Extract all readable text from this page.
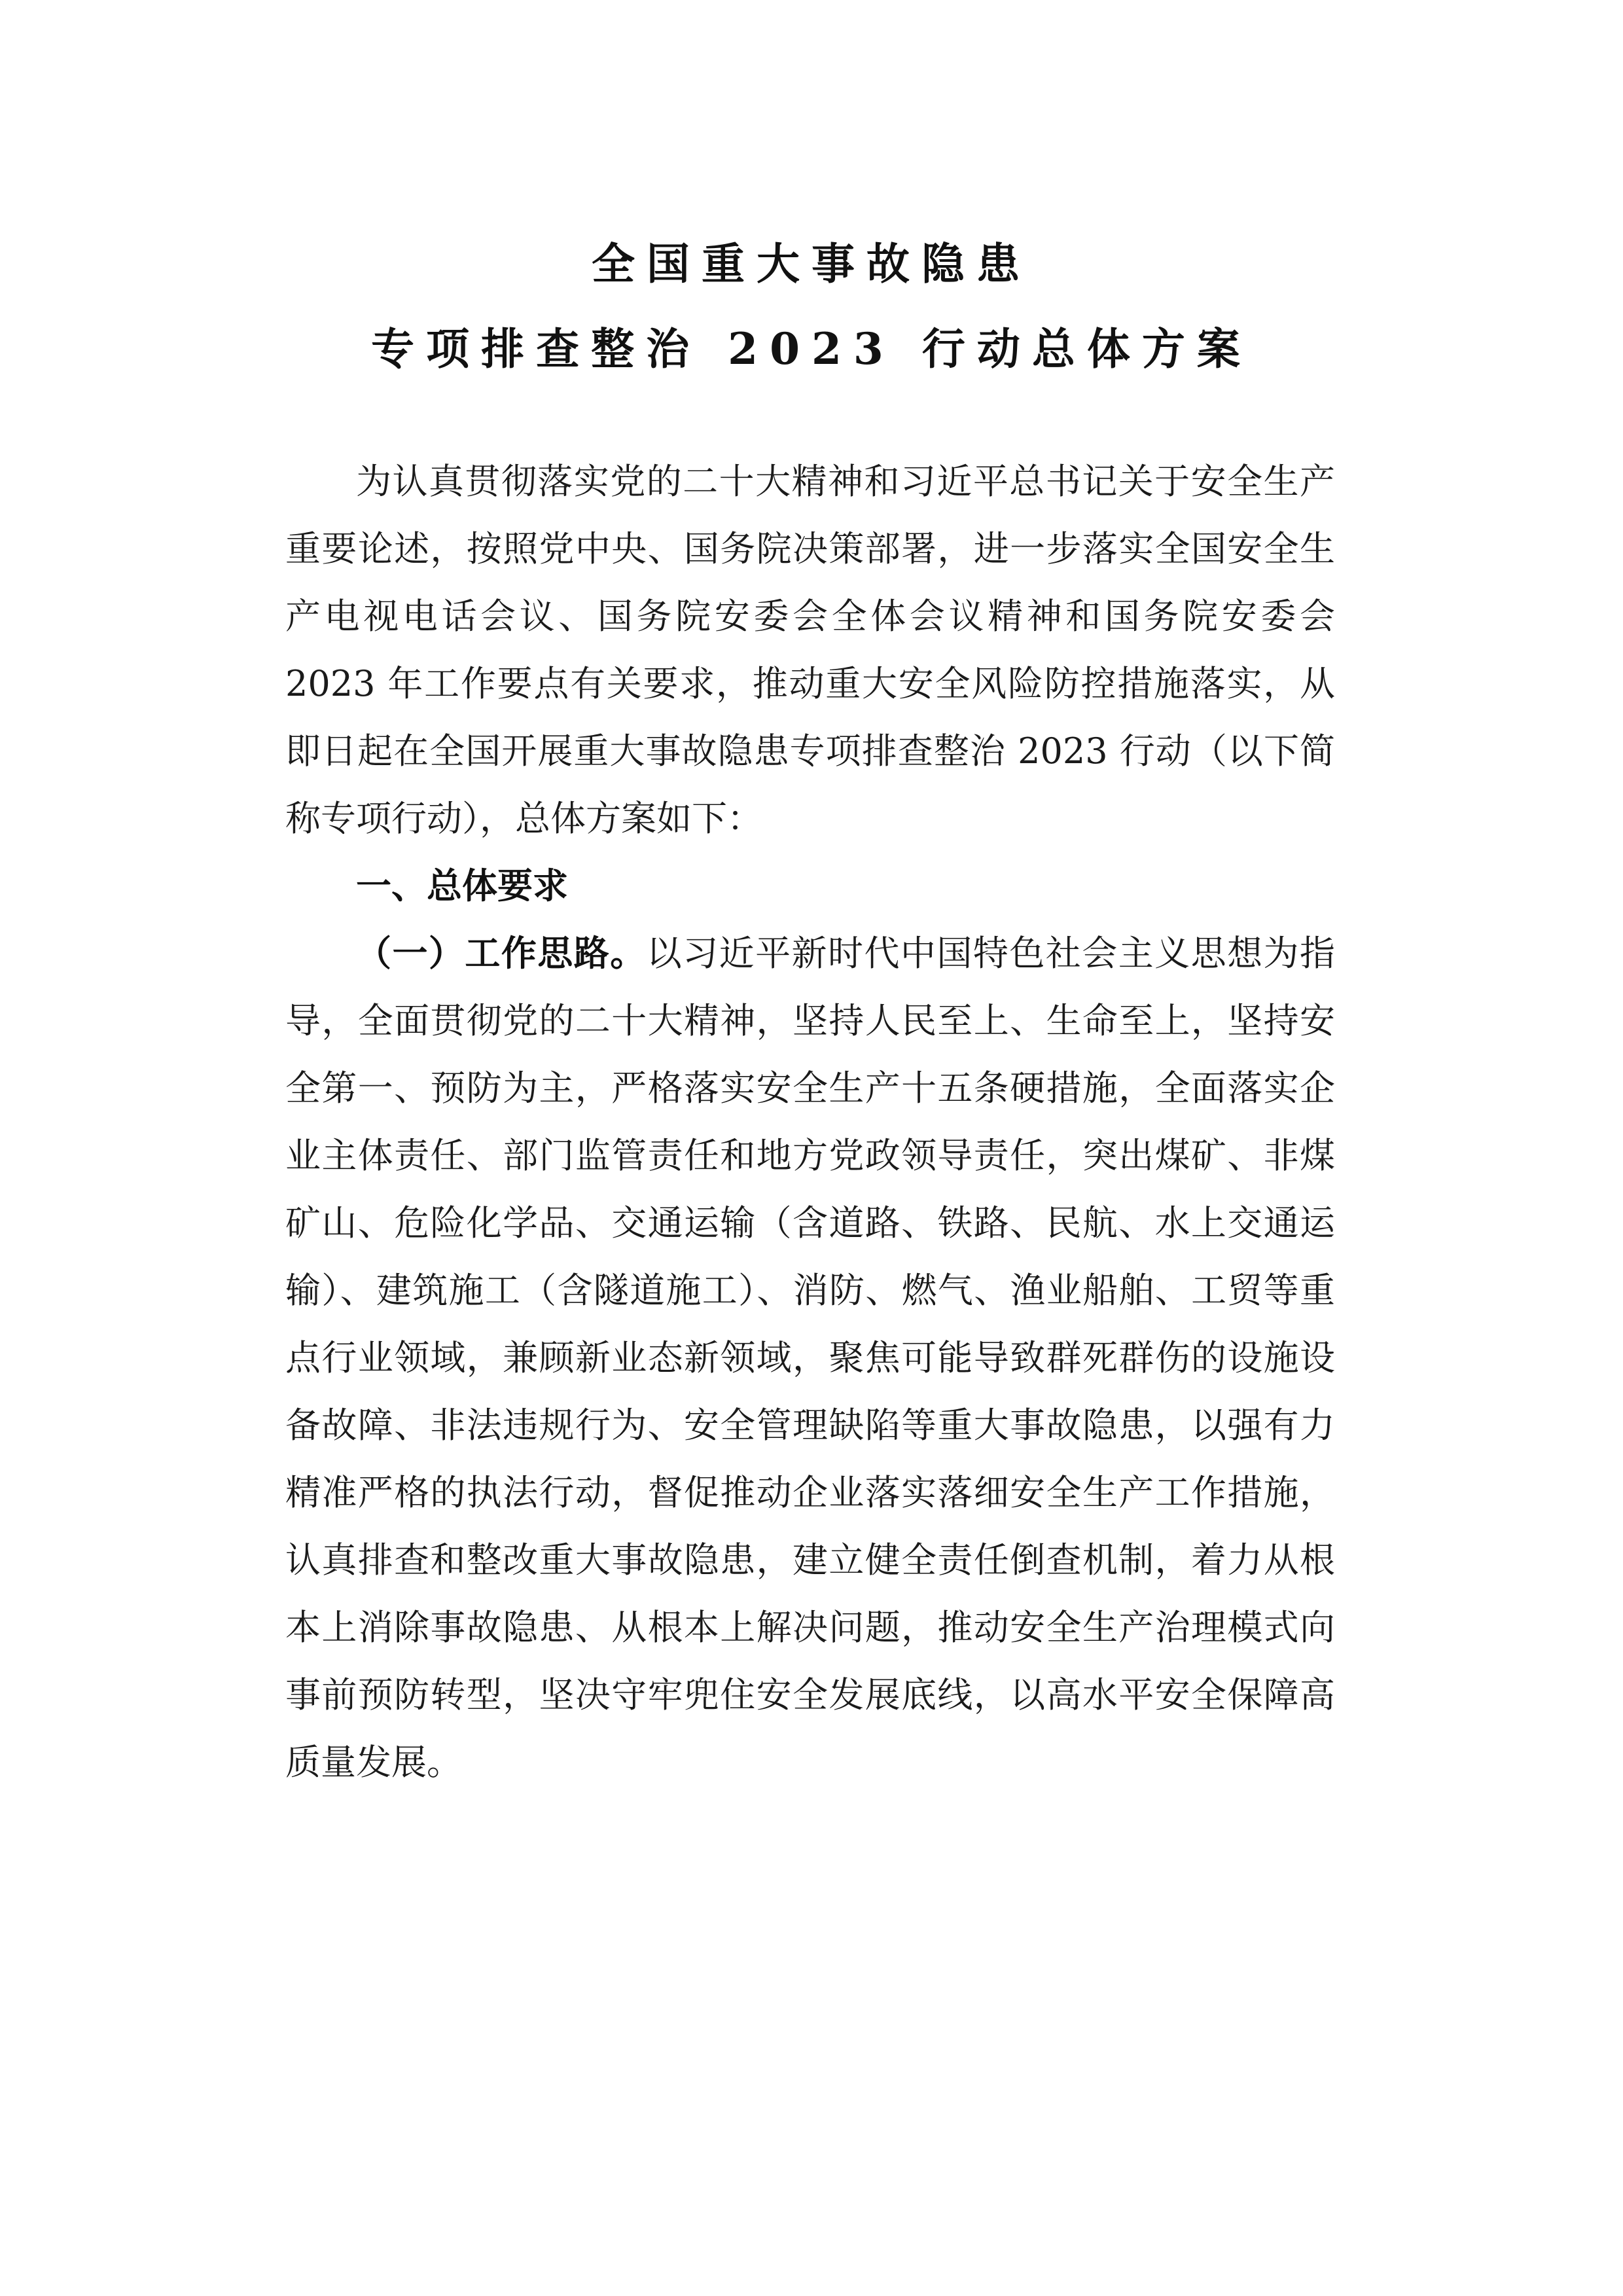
全国重大事故隐患
专项排查整治 2023 行动总体方案

为认真贯彻落实党的二十大精神和习近平总书记关于安全生产重要论述，按照党中央、国务院决策部署，进一步落实全国安全生产电视电话会议、国务院安委会全体会议精神和国务院安委会 2023 年工作要点有关要求，推动重大安全风险防控措施落实，从即日起在全国开展重大事故隐患专项排查整治 2023 行动（以下简称专项行动），总体方案如下：

一、总体要求

（一）工作思路。以习近平新时代中国特色社会主义思想为指导，全面贯彻党的二十大精神，坚持人民至上、生命至上，坚持安全第一、预防为主，严格落实安全生产十五条硬措施，全面落实企业主体责任、部门监管责任和地方党政领导责任，突出煤矿、非煤矿山、危险化学品、交通运输（含道路、铁路、民航、水上交通运输）、建筑施工（含隧道施工）、消防、燃气、渔业船舶、工贸等重点行业领域，兼顾新业态新领域，聚焦可能导致群死群伤的设施设备故障、非法违规行为、安全管理缺陷等重大事故隐患，以强有力精准严格的执法行动，督促推动企业落实落细安全生产工作措施，认真排查和整改重大事故隐患，建立健全责任倒查机制，着力从根本上消除事故隐患、从根本上解决问题，推动安全生产治理模式向事前预防转型，坚决守牢兜住安全发展底线，以高水平安全保障高质量发展。
